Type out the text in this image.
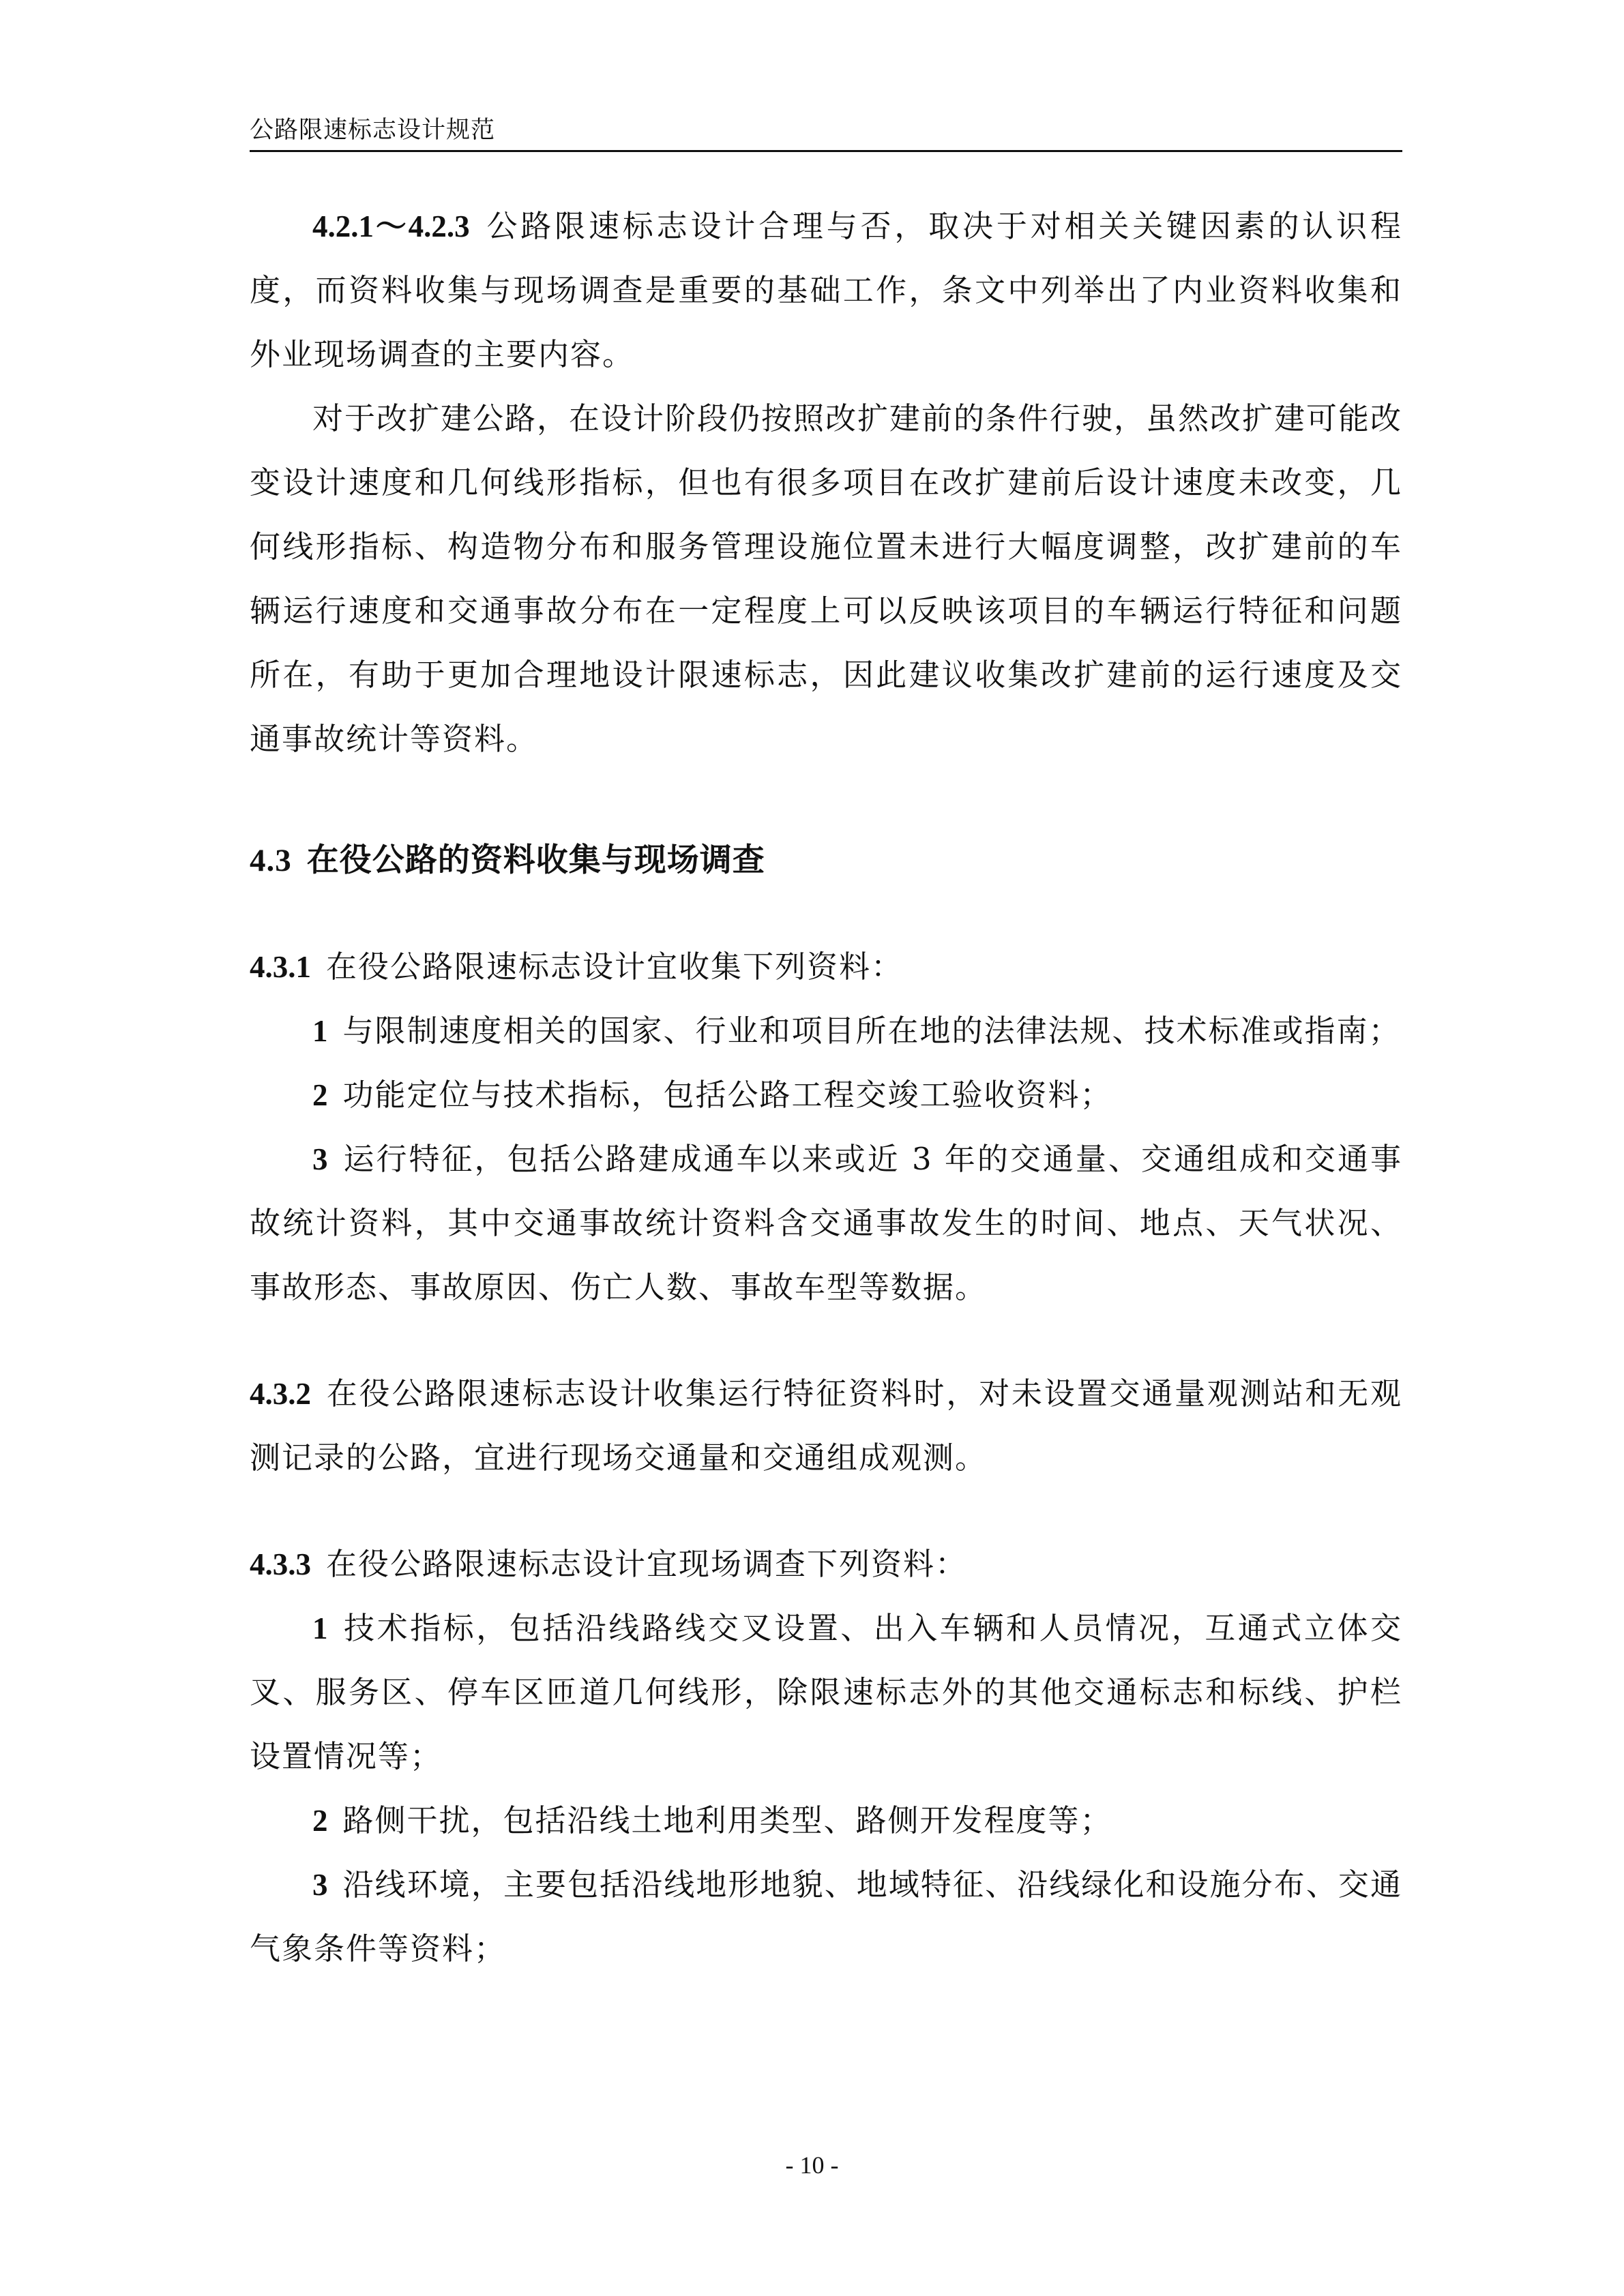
公路限速标志设计规范

4.2.1～4.2.3 公路限速标志设计合理与否，取决于对相关关键因素的认识程度，而资料收集与现场调查是重要的基础工作，条文中列举出了内业资料收集和外业现场调查的主要内容。

对于改扩建公路，在设计阶段仍按照改扩建前的条件行驶，虽然改扩建可能改变设计速度和几何线形指标，但也有很多项目在改扩建前后设计速度未改变，几何线形指标、构造物分布和服务管理设施位置未进行大幅度调整，改扩建前的车辆运行速度和交通事故分布在一定程度上可以反映该项目的车辆运行特征和问题所在，有助于更加合理地设计限速标志，因此建议收集改扩建前的运行速度及交通事故统计等资料。

4.3 在役公路的资料收集与现场调查

4.3.1 在役公路限速标志设计宜收集下列资料：

1 与限制速度相关的国家、行业和项目所在地的法律法规、技术标准或指南；

2 功能定位与技术指标，包括公路工程交竣工验收资料；

3 运行特征，包括公路建成通车以来或近 3 年的交通量、交通组成和交通事故统计资料，其中交通事故统计资料含交通事故发生的时间、地点、天气状况、事故形态、事故原因、伤亡人数、事故车型等数据。

4.3.2 在役公路限速标志设计收集运行特征资料时，对未设置交通量观测站和无观测记录的公路，宜进行现场交通量和交通组成观测。

4.3.3 在役公路限速标志设计宜现场调查下列资料：

1 技术指标，包括沿线路线交叉设置、出入车辆和人员情况，互通式立体交叉、服务区、停车区匝道几何线形，除限速标志外的其他交通标志和标线、护栏设置情况等；

2 路侧干扰，包括沿线土地利用类型、路侧开发程度等；

3 沿线环境，主要包括沿线地形地貌、地域特征、沿线绿化和设施分布、交通气象条件等资料；

- 10 -
